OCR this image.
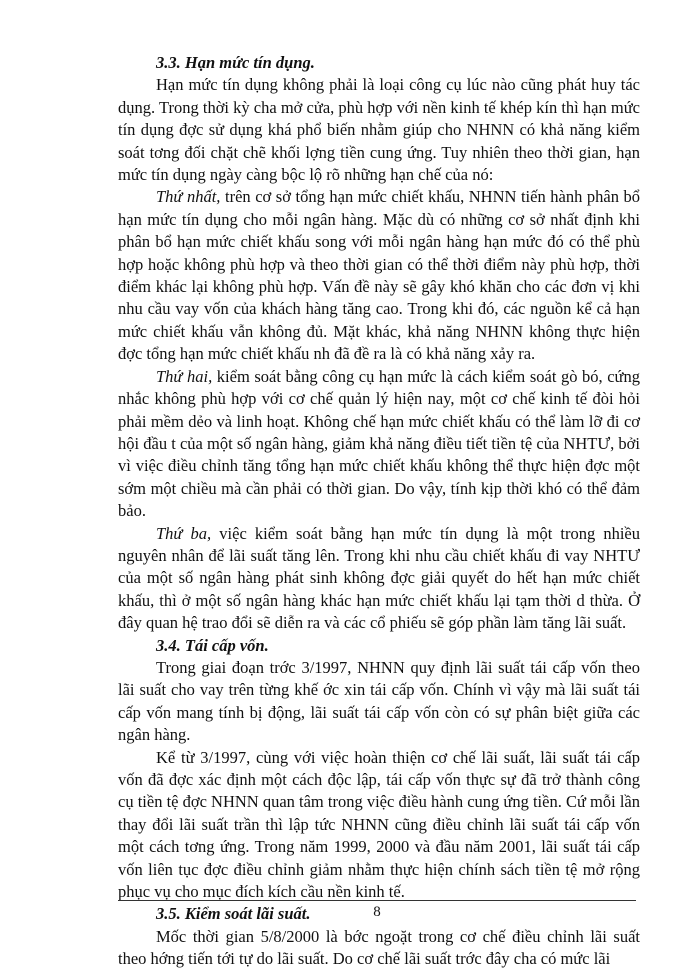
3.3. Hạn mức tín dụng.

Hạn mức tín dụng không phải là loại công cụ lúc nào cũng phát huy tác dụng. Trong thời kỳ cha mở cửa, phù hợp với nền kinh tế khép kín thì hạn mức tín dụng đợc sử dụng khá phổ biến nhằm giúp cho NHNN có khả năng kiểm soát tơng đối chặt chẽ khối lợng tiền cung ứng. Tuy nhiên theo thời gian, hạn mức tín dụng ngày càng bộc lộ rõ những hạn chế của nó:

Thứ nhất, trên cơ sở tổng hạn mức chiết khấu, NHNN tiến hành phân bổ hạn mức tín dụng cho mỗi ngân hàng. Mặc dù có những cơ sở nhất định khi phân bổ hạn mức chiết khấu song với mỗi ngân hàng hạn mức đó có thể phù hợp hoặc không phù hợp và theo thời gian có thể thời điểm này phù hợp, thời điểm khác lại không phù hợp. Vấn đề này sẽ gây khó khăn cho các đơn vị khi nhu cầu vay vốn của khách hàng tăng cao. Trong khi đó, các nguồn kể cả hạn mức chiết khấu vẫn không đủ. Mặt khác, khả năng NHNN không thực hiện đợc tổng hạn mức chiết khấu nh đã đề ra là có khả năng xảy ra.

Thứ hai, kiểm soát bằng công cụ hạn mức là cách kiểm soát gò bó, cứng nhắc không phù hợp với cơ chế quản lý hiện nay, một cơ chế kinh tế đòi hỏi phải mềm dẻo và linh hoạt. Không chế hạn mức chiết khấu có thể làm lỡ đi cơ hội đầu t của một số ngân hàng, giảm khả năng điều tiết tiền tệ của NHTƯ, bởi vì việc điều chỉnh tăng tổng hạn mức chiết khấu không thể thực hiện đợc một sớm một chiều mà cần phải có thời gian. Do vậy, tính kịp thời khó có thể đảm bảo.

Thứ ba, việc kiểm soát bằng hạn mức tín dụng là một trong nhiều nguyên nhân để lãi suất tăng lên. Trong khi nhu cầu chiết khấu đi vay NHTƯ của một số ngân hàng phát sinh không đợc giải quyết do hết hạn mức chiết khấu, thì ở một số ngân hàng khác hạn mức chiết khấu lại tạm thời d thừa. Ở đây quan hệ trao đổi sẽ diễn ra và các cổ phiếu sẽ góp phần làm tăng lãi suất.

3.4. Tái cấp vốn.

Trong giai đoạn trớc 3/1997, NHNN quy định lãi suất tái cấp vốn theo lãi suất cho vay trên từng khế ớc xin tái cấp vốn. Chính vì vậy mà lãi suất tái cấp vốn mang tính bị động, lãi suất tái cấp vốn còn có sự phân biệt giữa các ngân hàng.

Kể từ 3/1997, cùng với việc hoàn thiện cơ chế lãi suất, lãi suất tái cấp vốn đã đợc xác định một cách độc lập, tái cấp vốn thực sự đã trở thành công cụ tiền tệ đợc NHNN quan tâm trong việc điều hành cung ứng tiền. Cứ mỗi lần thay đổi lãi suất trần thì lập tức NHNN cũng điều chỉnh lãi suất tái cấp vốn một cách tơng ứng. Trong năm 1999, 2000 và đầu năm 2001, lãi suất tái cấp vốn liên tục đợc điều chỉnh giảm nhằm thực hiện chính sách tiền tệ mở rộng phục vụ cho mục đích kích cầu nền kinh tế.

3.5. Kiểm soát lãi suất.

Mốc thời gian 5/8/2000 là bớc ngoặt trong cơ chế điều chỉnh lãi suất theo hớng tiến tới tự do lãi suất. Do cơ chế lãi suất trớc đây cha có mức lãi

8
